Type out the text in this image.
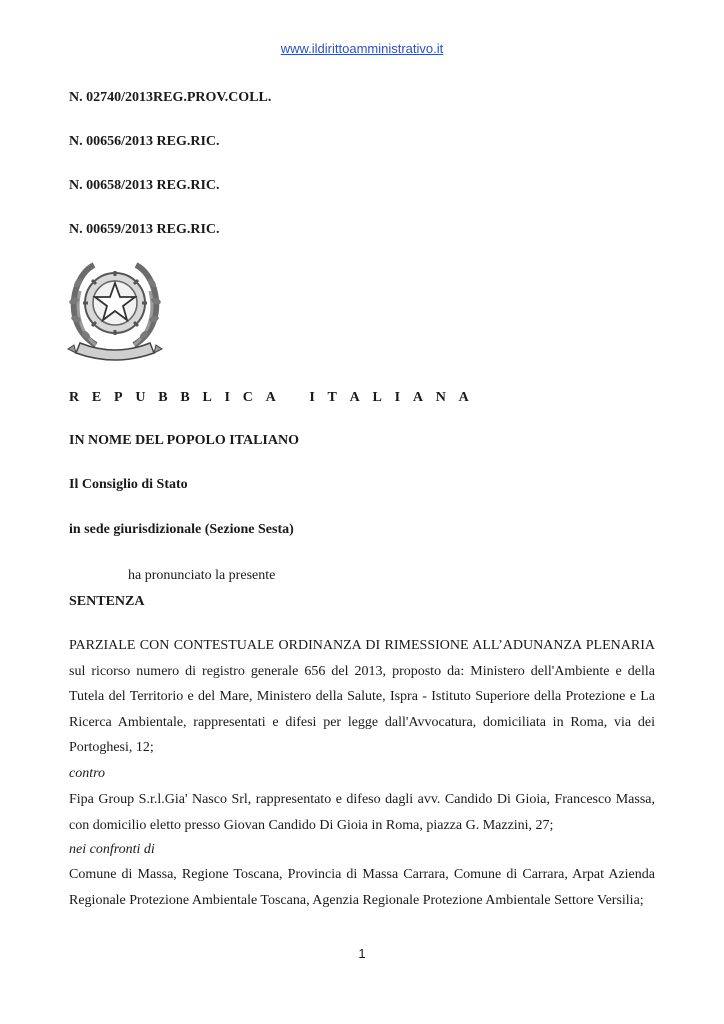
www.ildirittoamministrativo.it
N. 02740/2013REG.PROV.COLL.
N. 00656/2013 REG.RIC.
N. 00658/2013 REG.RIC.
N. 00659/2013 REG.RIC.
R E P U B B L I C A I T A L I A N A
IN NOME DEL POPOLO ITALIANO
Il Consiglio di Stato
in sede giurisdizionale (Sezione Sesta)
ha pronunciato la presente
SENTENZA
PARZIALE CON CONTESTUALE ORDINANZA DI RIMESSIONE ALL’ADUNANZA PLENARIA sul ricorso numero di registro generale 656 del 2013, proposto da: Ministero dell'Ambiente e della Tutela del Territorio e del Mare, Ministero della Salute, Ispra - Istituto Superiore della Protezione e La Ricerca Ambientale, rappresentati e difesi per legge dall'Avvocatura, domiciliata in Roma, via dei Portoghesi, 12;
contro
Fipa Group S.r.l.Gia' Nasco Srl, rappresentato e difeso dagli avv. Candido Di Gioia, Francesco Massa, con domicilio eletto presso Giovan Candido Di Gioia in Roma, piazza G. Mazzini, 27;
nei confronti di
Comune di Massa, Regione Toscana, Provincia di Massa Carrara, Comune di Carrara, Arpat Azienda Regionale Protezione Ambientale Toscana, Agenzia Regionale Protezione Ambientale Settore Versilia;
1
